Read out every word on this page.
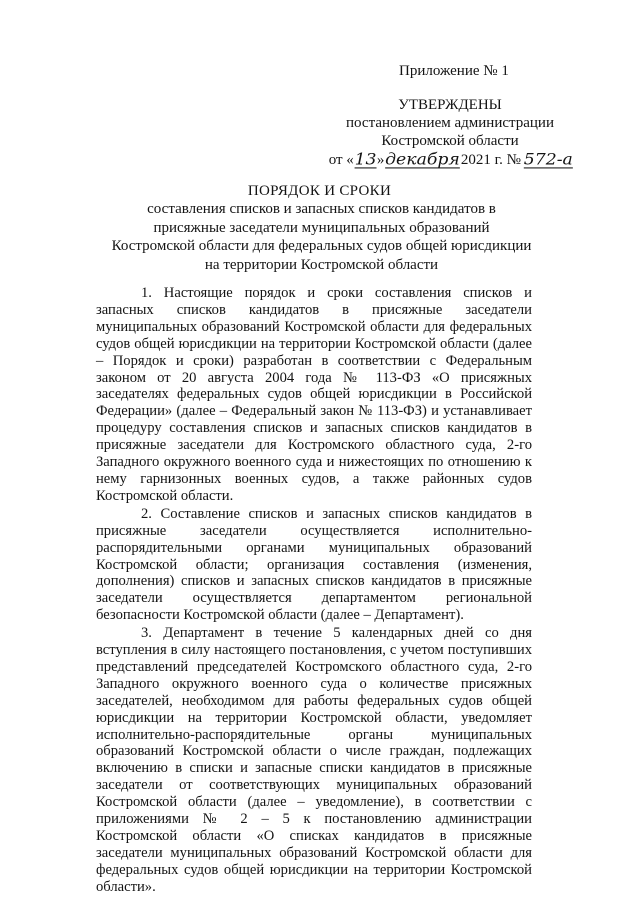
Приложение № 1
УТВЕРЖДЕНЫ
постановлением администрации
Костромской области
от «13» декабря 2021 г. № 572-а
ПОРЯДОК И СРОКИ
составления списков и запасных списков кандидатов в присяжные заседатели муниципальных образований Костромской области для федеральных судов общей юрисдикции на территории Костромской области

1. Настоящие порядок и сроки составления списков и запасных списков кандидатов в присяжные заседатели муниципальных образований Костромской области для федеральных судов общей юрисдикции на территории Костромской области (далее – Порядок и сроки) разработан в соответствии с Федеральным законом от 20 августа 2004 года № 113-ФЗ «О присяжных заседателях федеральных судов общей юрисдикции в Российской Федерации» (далее – Федеральный закон № 113-ФЗ) и устанавливает процедуру составления списков и запасных списков кандидатов в присяжные заседатели для Костромского областного суда, 2-го Западного окружного военного суда и нижестоящих по отношению к нему гарнизонных военных судов, а также районных судов Костромской области.

2. Составление списков и запасных списков кандидатов в присяжные заседатели осуществляется исполнительно-распорядительными органами муниципальных образований Костромской области; организация составления (изменения, дополнения) списков и запасных списков кандидатов в присяжные заседатели осуществляется департаментом региональной безопасности Костромской области (далее – Департамент).

3. Департамент в течение 5 календарных дней со дня вступления в силу настоящего постановления, с учетом поступивших представлений председателей Костромского областного суда, 2-го Западного окружного военного суда о количестве присяжных заседателей, необходимом для работы федеральных судов общей юрисдикции на территории Костромской области, уведомляет исполнительно-распорядительные органы муниципальных образований Костромской области о числе граждан, подлежащих включению в списки и запасные списки кандидатов в присяжные заседатели от соответствующих муниципальных образований Костромской области (далее – уведомление), в соответствии с приложениями № 2 – 5 к постановлению администрации Костромской области «О списках кандидатов в присяжные заседатели муниципальных образований Костромской области для федеральных судов общей юрисдикции на территории Костромской области».
